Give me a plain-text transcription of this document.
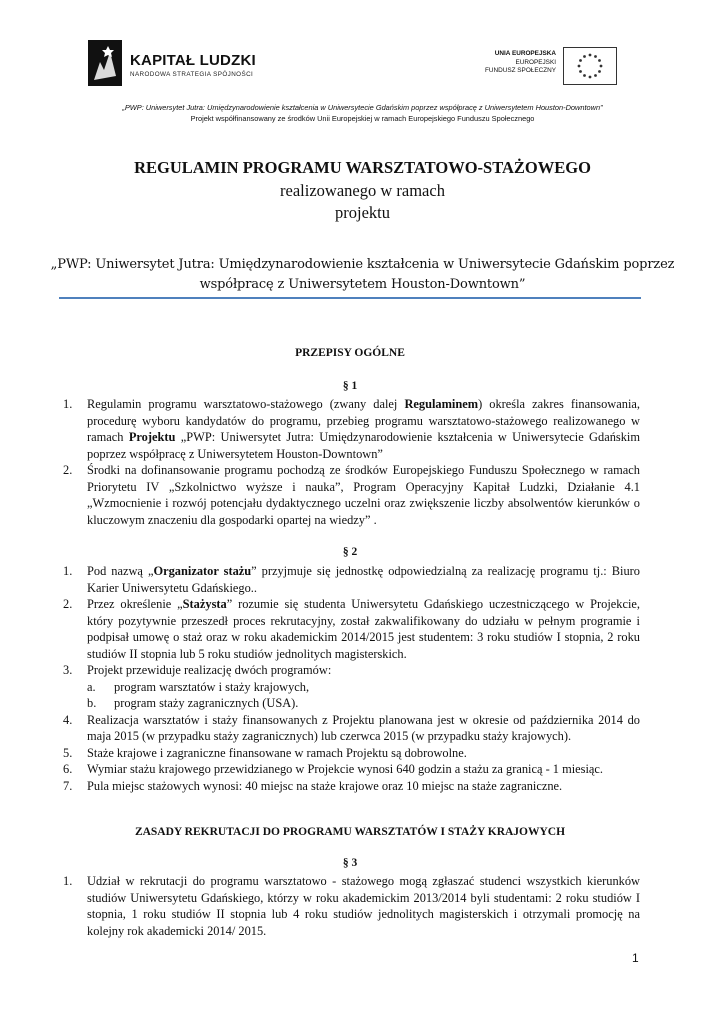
KAPITAŁ LUDZKI
NARODOWA STRATEGIA SPÓJNOŚCI
UNIA EUROPEJSKA
EUROPEJSKI
FUNDUSZ SPOŁECZNY
„PWP: Uniwersytet Jutra: Umiędzynarodowienie kształcenia w Uniwersytecie Gdańskim poprzez współpracę z Uniwersytetem Houston-Downtown”
Projekt współfinansowany ze środków Unii Europejskiej w ramach Europejskiego Funduszu Społecznego
REGULAMIN PROGRAMU WARSZTATOWO-STAŻOWEGO
realizowanego w ramach
projektu
„PWP: Uniwersytet Jutra: Umiędzynarodowienie kształcenia w Uniwersytecie Gdańskim poprzez współpracę z Uniwersytetem Houston-Downtown”
PRZEPISY OGÓLNE
§ 1
1. Regulamin programu warsztatowo-stażowego (zwany dalej Regulaminem) określa zakres finansowania, procedurę wyboru kandydatów do programu, przebieg programu warsztatowo-stażowego realizowanego w ramach Projektu „PWP: Uniwersytet Jutra: Umiędzynarodowienie kształcenia w Uniwersytecie Gdańskim poprzez współpracę z Uniwersytetem Houston-Downtown”
2. Środki na dofinansowanie programu pochodzą ze środków Europejskiego Funduszu Społecznego w ramach Priorytetu IV „Szkolnictwo wyższe i nauka”, Program Operacyjny Kapitał Ludzki, Działanie 4.1 „Wzmocnienie i rozwój potencjału dydaktycznego uczelni oraz zwiększenie liczby absolwentów kierunków o kluczowym znaczeniu dla gospodarki opartej na wiedzy” .
§ 2
1. Pod nazwą „Organizator stażu” przyjmuje się jednostkę odpowiedzialną za realizację programu tj.: Biuro Karier Uniwersytetu Gdańskiego..
2. Przez określenie „Stażysta” rozumie się studenta Uniwersytetu Gdańskiego uczestniczącego w Projekcie, który pozytywnie przeszedł proces rekrutacyjny, został zakwalifikowany do udziału w pełnym programie i podpisał umowę o staż oraz w roku akademickim 2014/2015 jest studentem: 3 roku studiów I stopnia, 2 roku studiów II stopnia lub 5 roku studiów jednolitych magisterskich.
3. Projekt przewiduje realizację dwóch programów:
a. program warsztatów i staży krajowych,
b. program staży zagranicznych (USA).
4. Realizacja warsztatów i staży finansowanych z Projektu planowana jest w okresie od października 2014 do maja 2015 (w przypadku staży zagranicznych) lub czerwca 2015 (w przypadku staży krajowych).
5. Staże krajowe i zagraniczne finansowane w ramach Projektu są dobrowolne.
6. Wymiar stażu krajowego przewidzianego w Projekcie wynosi 640 godzin a stażu za granicą - 1 miesiąc.
7. Pula miejsc stażowych wynosi: 40 miejsc na staże krajowe oraz 10 miejsc na staże zagraniczne.
ZASADY REKRUTACJI DO PROGRAMU WARSZTATÓW I STAŻY KRAJOWYCH
§ 3
1. Udział w rekrutacji do programu warsztatowo - stażowego mogą zgłaszać studenci wszystkich kierunków studiów Uniwersytetu Gdańskiego, którzy w roku akademickim 2013/2014 byli studentami: 2 roku studiów I stopnia, 1 roku studiów II stopnia lub 4 roku studiów jednolitych magisterskich i otrzymali promocję na kolejny rok akademicki 2014/ 2015.
1
